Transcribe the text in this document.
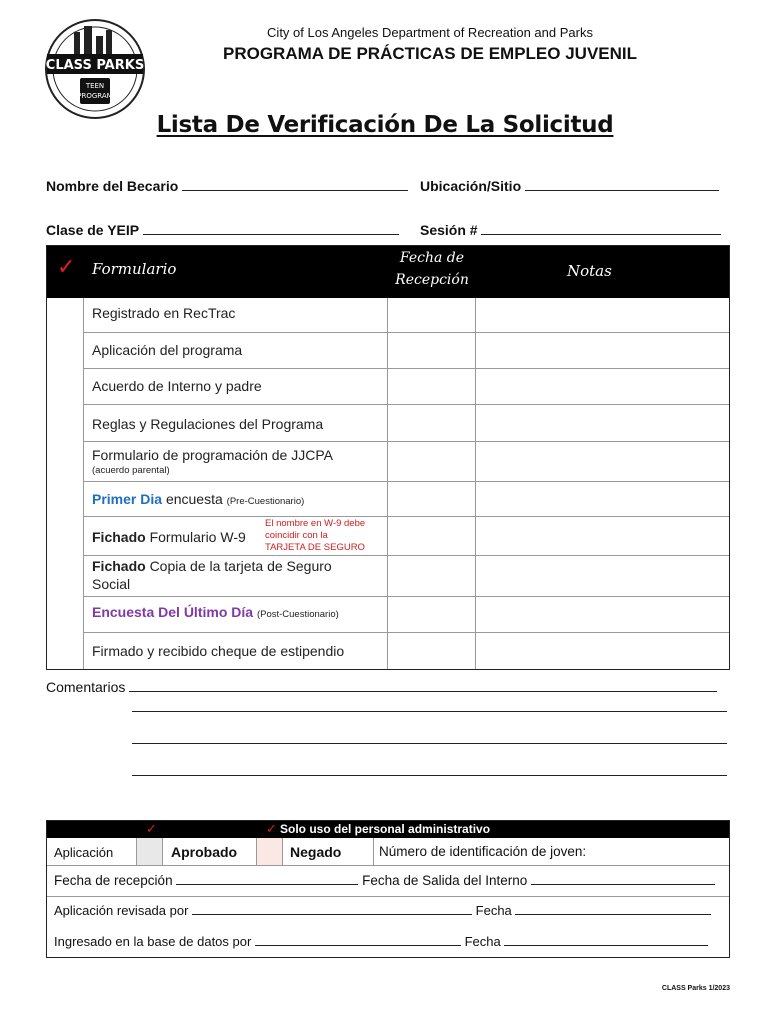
CLASS PARKS
TEEN
PROGRAM
City of Los Angeles Department of Recreation and Parks
PROGRAMA DE PRÁCTICAS DE EMPLEO JUVENIL
Lista De Verificación De La Solicitud
Nombre del Becario	Ubicación/Sitio
Clase de YEIP	Sesión #
✓ Formulario
Fecha de
Recepción	Notas
Registrado en RecTrac
Aplicación del programa
Acuerdo de Interno y padre
Reglas y Regulaciones del Programa
Formulario de programación de JJCPA
(acuerdo parental)
Primer Dia encuesta (Pre-Cuestionario)
Fichado Formulario W-9
El nombre en W-9 debe
coincidir con la
TARJETA DE SEGURO
Fichado Copia de la tarjeta de Seguro
Social
Encuesta Del Último Día (Post-Cuestionario)
Firmado y recibido cheque de estipendio
Comentarios
✓	✓ Solo uso del personal administrativo
Aplicación	Aprobado	Negado	Número de identificación de joven:
Fecha de recepción	Fecha de Salida del Interno
Aplicación revisada por	Fecha
Ingresado en la base de datos por	Fecha
CLASS Parks 1/2023
